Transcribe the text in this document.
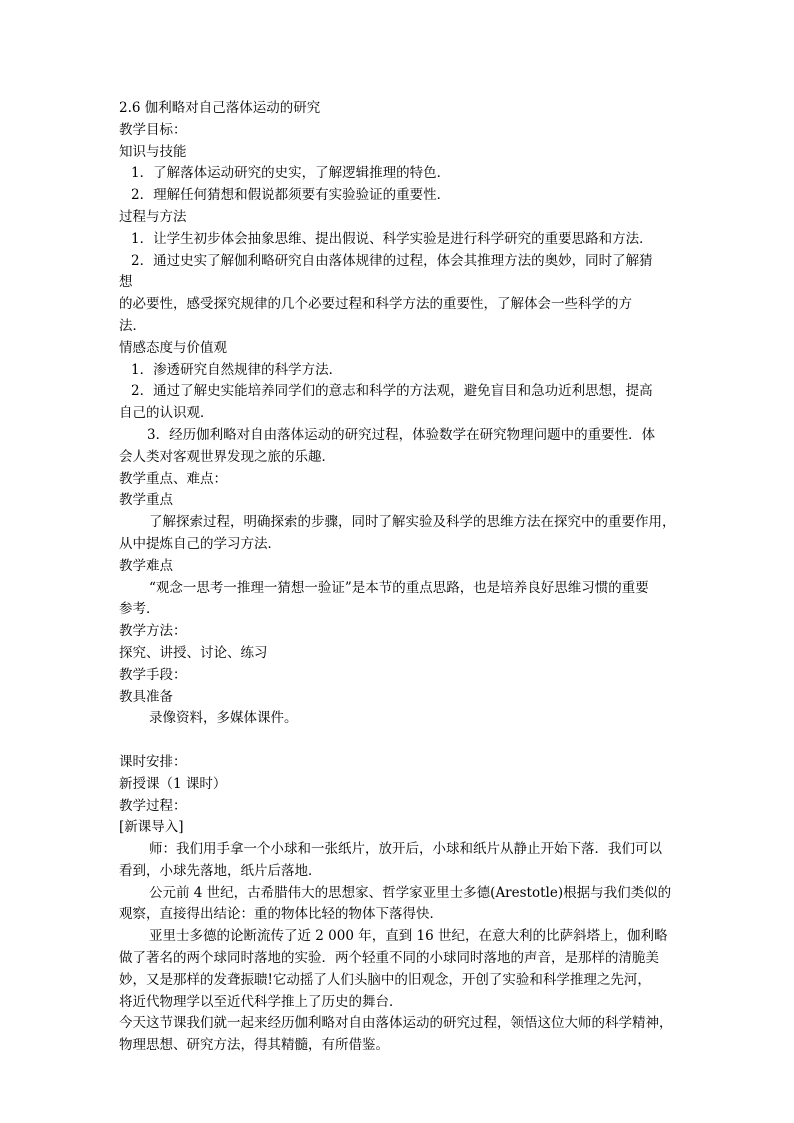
2.6 伽利略对自己落体运动的研究
教学目标：
知识与技能
1．了解落体运动研究的史实，了解逻辑推理的特色．
2．理解任何猜想和假说都须要有实验验证的重要性．
过程与方法
1．让学生初步体会抽象思维、提出假说、科学实验是进行科学研究的重要思路和方法．
2．通过史实了解伽利略研究自由落体规律的过程，体会其推理方法的奥妙，同时了解猜
想
的必要性，感受探究规律的几个必要过程和科学方法的重要性，了解体会一些科学的方
法．
情感态度与价值观
1．渗透研究自然规律的科学方法．
2．通过了解史实能培养同学们的意志和科学的方法观，避免盲目和急功近利思想，提高
自己的认识观．
3．经历伽利略对自由落体运动的研究过程，体验数学在研究物理问题中的重要性．体
会人类对客观世界发现之旅的乐趣．
教学重点、难点：
教学重点
了解探索过程，明确探索的步骤，同时了解实验及科学的思维方法在探究中的重要作用，
从中提炼自己的学习方法．
教学难点
“观念一思考一推理一猜想一验证”是本节的重点思路，也是培养良好思维习惯的重要
参考．
教学方法：
探究、讲授、讨论、练习
教学手段：
教具准备
录像资料，多媒体课件。
课时安排：
新授课（1 课时）
教学过程：
[新课导入]
师：我们用手拿一个小球和一张纸片，放开后，小球和纸片从静止开始下落．我们可以
看到，小球先落地，纸片后落地．
公元前 4 世纪，古希腊伟大的思想家、哲学家亚里士多德(Arestotle)根据与我们类似的
观察，直接得出结论：重的物体比轻的物体下落得快．
亚里士多德的论断流传了近 2 000 年，直到 16 世纪，在意大利的比萨斜塔上，伽利略
做了著名的两个球同时落地的实验．两个轻重不同的小球同时落地的声音，是那样的清脆美
妙，又是那样的发聋振聩!它动摇了人们头脑中的旧观念，开创了实验和科学推理之先河，
将近代物理学以至近代科学推上了历史的舞台．
今天这节课我们就一起来经历伽利略对自由落体运动的研究过程，领悟这位大师的科学精神，
物理思想、研究方法，得其精髓，有所借鉴。
